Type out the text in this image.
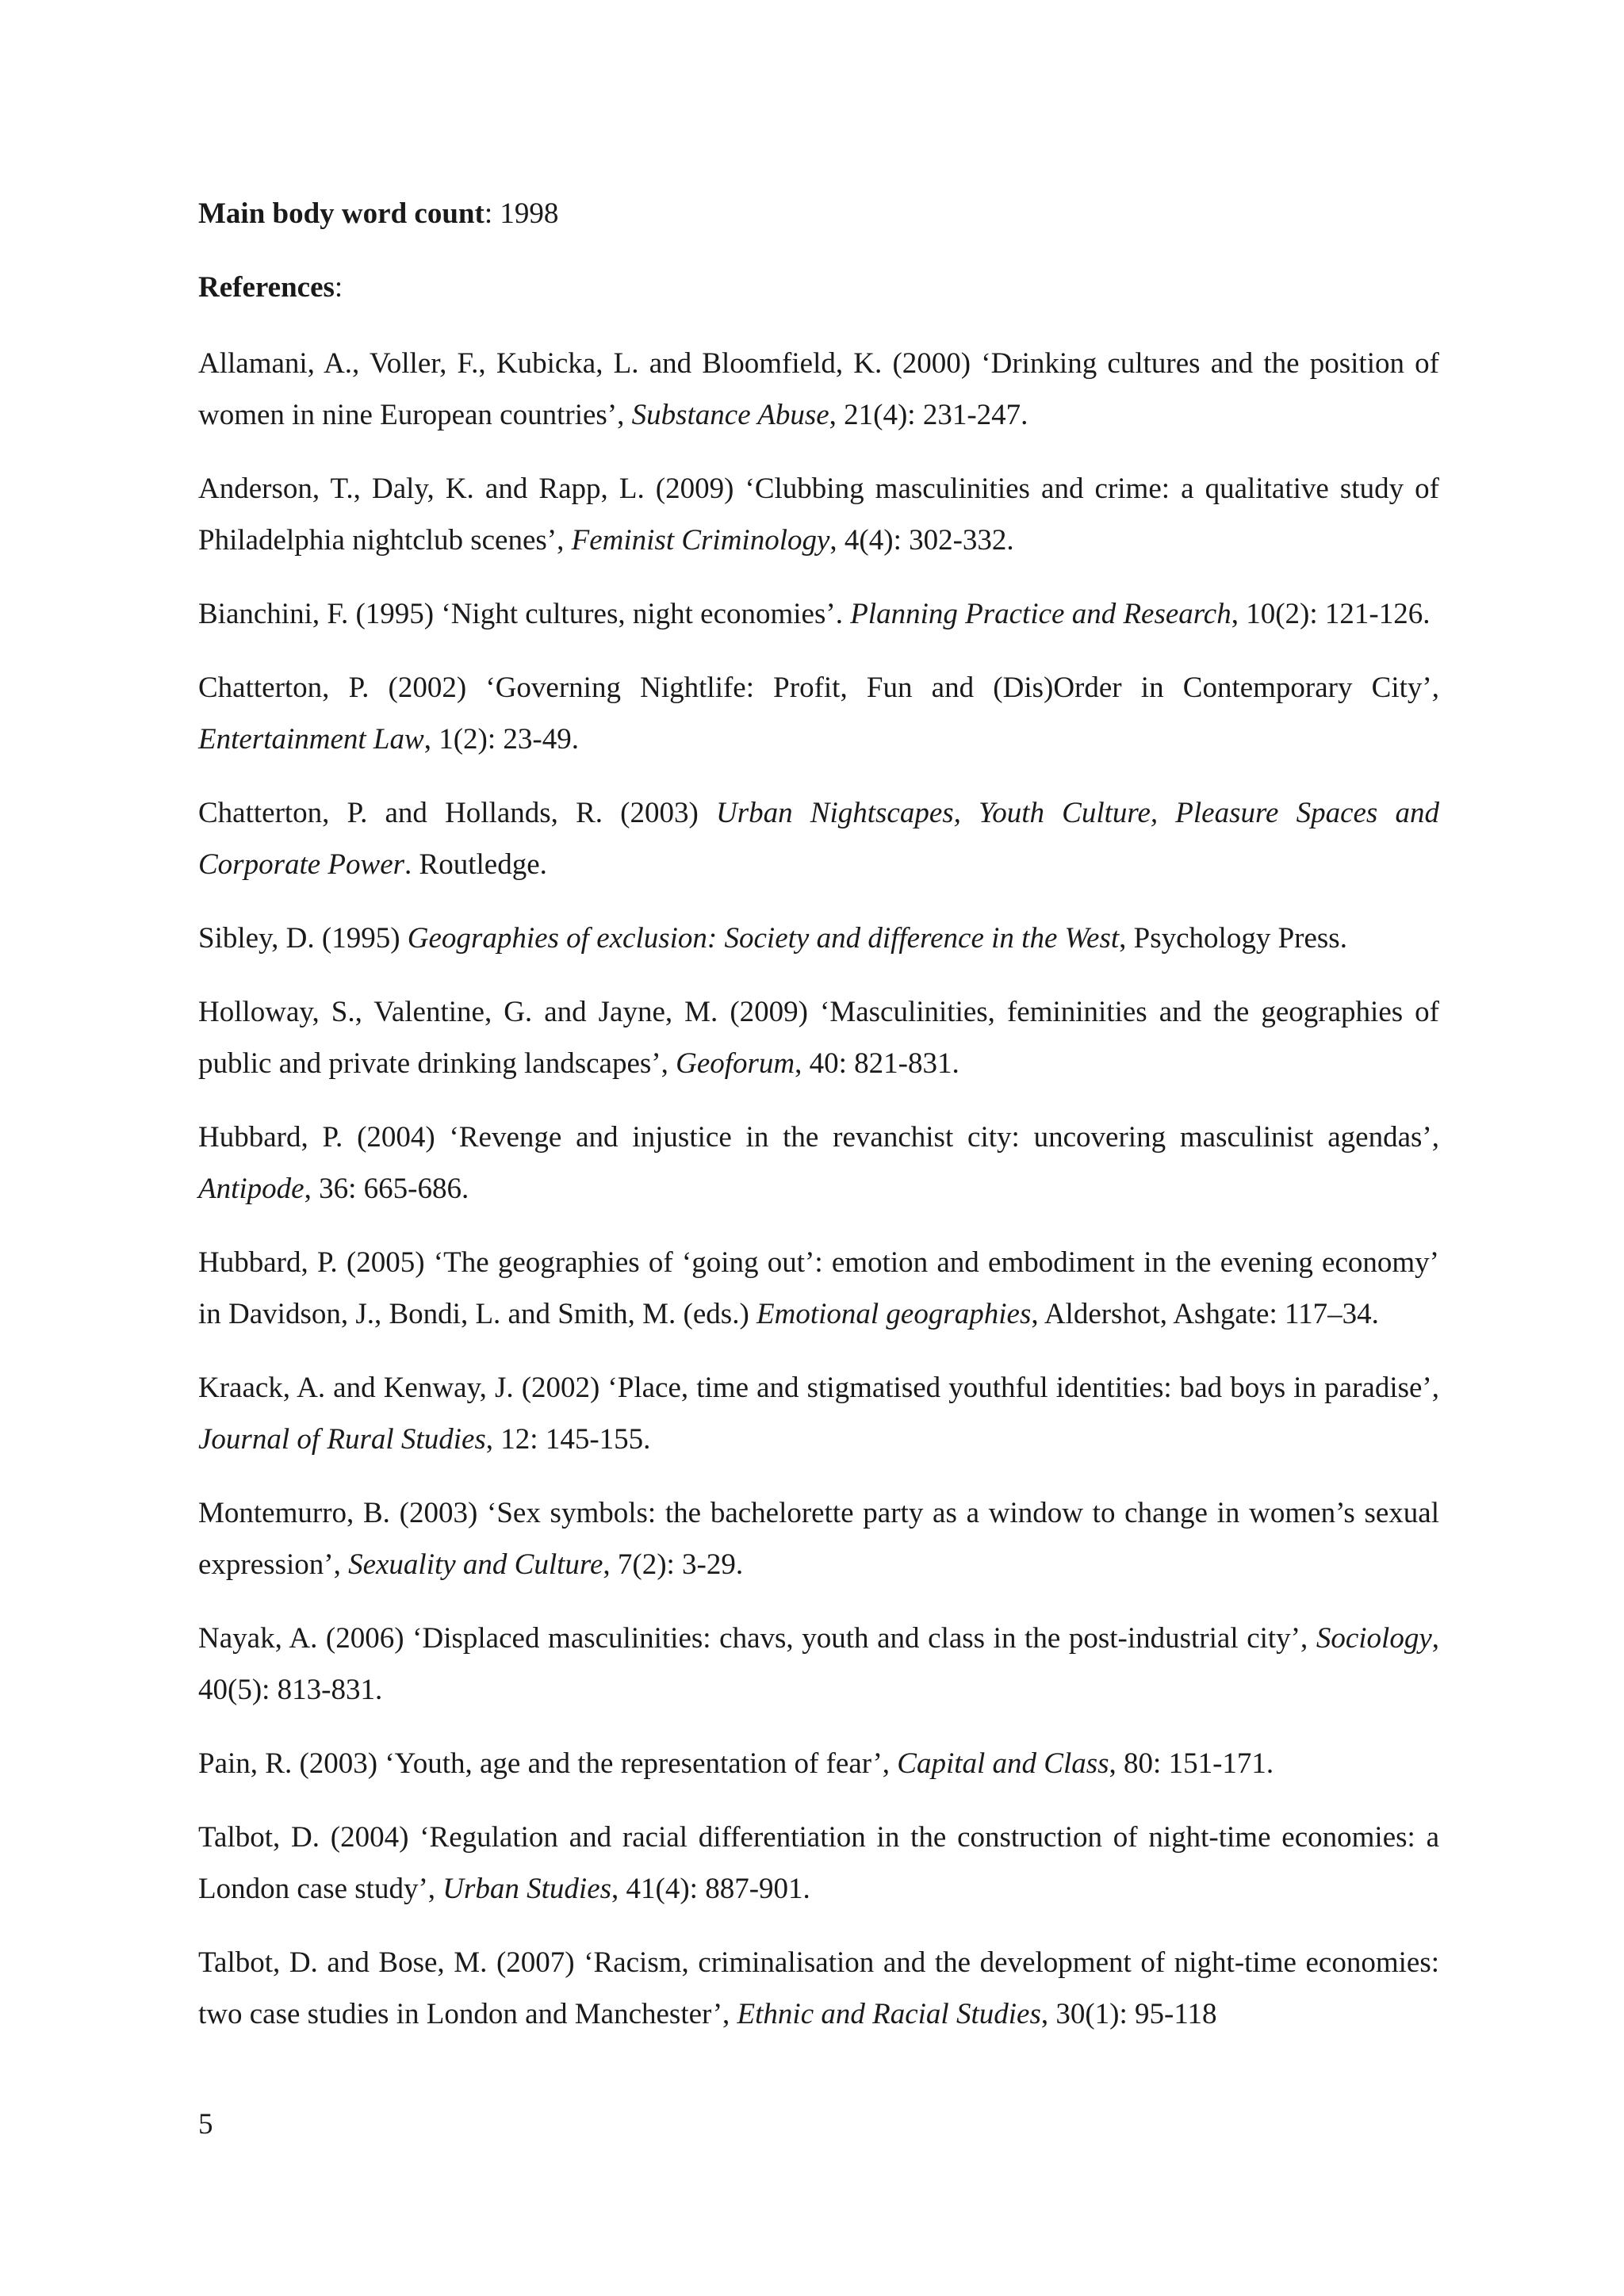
Main body word count: 1998

References:

Allamani, A., Voller, F., Kubicka, L. and Bloomfield, K. (2000) ‘Drinking cultures and the position of women in nine European countries’, Substance Abuse, 21(4): 231-247.

Anderson, T., Daly, K. and Rapp, L. (2009) ‘Clubbing masculinities and crime: a qualitative study of Philadelphia nightclub scenes’, Feminist Criminology, 4(4): 302-332.

Bianchini, F. (1995) ‘Night cultures, night economies’. Planning Practice and Research, 10(2): 121-126.

Chatterton, P. (2002) ‘Governing Nightlife: Profit, Fun and (Dis)Order in Contemporary City’, Entertainment Law, 1(2): 23-49.

Chatterton, P. and Hollands, R. (2003) Urban Nightscapes, Youth Culture, Pleasure Spaces and Corporate Power. Routledge.

Sibley, D. (1995) Geographies of exclusion: Society and difference in the West, Psychology Press.

Holloway, S., Valentine, G. and Jayne, M. (2009) ‘Masculinities, femininities and the geographies of public and private drinking landscapes’, Geoforum, 40: 821-831.

Hubbard, P. (2004) ‘Revenge and injustice in the revanchist city: uncovering masculinist agendas’, Antipode, 36: 665-686.

Hubbard, P. (2005) ‘The geographies of ‘going out’: emotion and embodiment in the evening economy’ in Davidson, J., Bondi, L. and Smith, M. (eds.) Emotional geographies, Aldershot, Ashgate: 117–34.

Kraack, A. and Kenway, J. (2002) ‘Place, time and stigmatised youthful identities: bad boys in paradise’, Journal of Rural Studies, 12: 145-155.

Montemurro, B. (2003) ‘Sex symbols: the bachelorette party as a window to change in women’s sexual expression’, Sexuality and Culture, 7(2): 3-29.

Nayak, A. (2006) ‘Displaced masculinities: chavs, youth and class in the post-industrial city’, Sociology, 40(5): 813-831.

Pain, R. (2003) ‘Youth, age and the representation of fear’, Capital and Class, 80: 151-171.

Talbot, D. (2004) ‘Regulation and racial differentiation in the construction of night-time economies: a London case study’, Urban Studies, 41(4): 887-901.

Talbot, D. and Bose, M. (2007) ‘Racism, criminalisation and the development of night-time economies: two case studies in London and Manchester’, Ethnic and Racial Studies, 30(1): 95-118

5
